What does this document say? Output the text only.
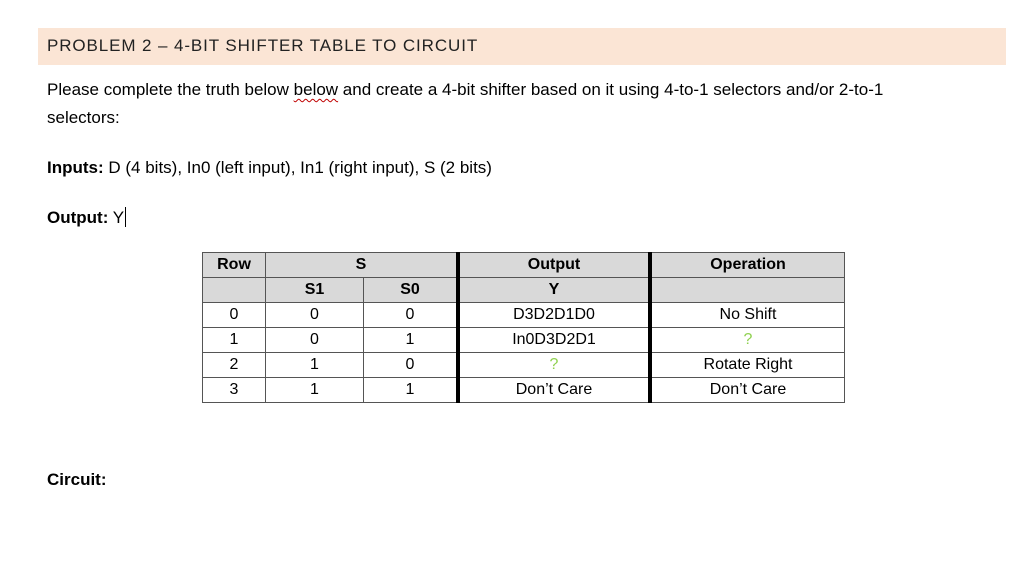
PROBLEM 2 – 4-BIT SHIFTER TABLE TO CIRCUIT
Please complete the truth below below and create a 4-bit shifter based on it using 4-to-1 selectors and/or 2-to-1
selectors:
Inputs: D (4 bits), In0 (left input), In1 (right input), S (2 bits)
Output: Y
Row	S		Output	Operation
	S1	S0	Y	
0	0	0	D3D2D1D0	No Shift
1	0	1	In0D3D2D1	?
2	1	0	?	Rotate Right
3	1	1	Don’t Care	Don’t Care
Circuit:
